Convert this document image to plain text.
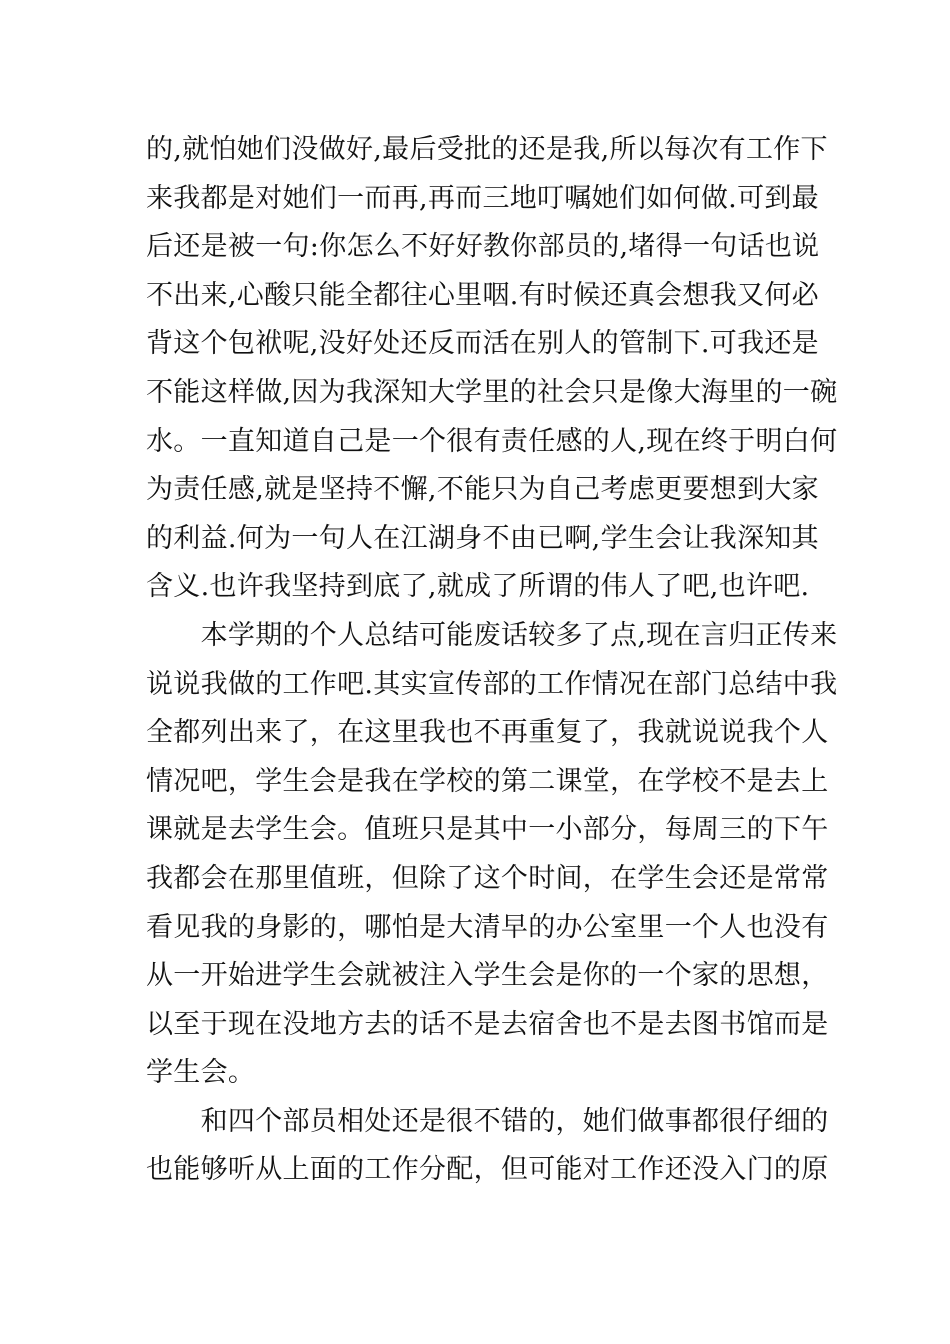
的,就怕她们没做好,最后受批的还是我,所以每次有工作下
来我都是对她们一而再,再而三地叮嘱她们如何做.可到最
后还是被一句:你怎么不好好教你部员的,堵得一句话也说
不出来,心酸只能全都往心里咽.有时候还真会想我又何必
背这个包袱呢,没好处还反而活在别人的管制下.可我还是
不能这样做,因为我深知大学里的社会只是像大海里的一碗
水。一直知道自己是一个很有责任感的人,现在终于明白何
为责任感,就是坚持不懈,不能只为自己考虑更要想到大家
的利益.何为一句人在江湖身不由已啊,学生会让我深知其
含义.也许我坚持到底了,就成了所谓的伟人了吧,也许吧.
　　本学期的个人总结可能废话较多了点,现在言归正传来
说说我做的工作吧.其实宣传部的工作情况在部门总结中我
全都列出来了，在这里我也不再重复了，我就说说我个人
情况吧，学生会是我在学校的第二课堂，在学校不是去上
课就是去学生会。值班只是其中一小部分，每周三的下午
我都会在那里值班，但除了这个时间，在学生会还是常常
看见我的身影的，哪怕是大清早的办公室里一个人也没有
从一开始进学生会就被注入学生会是你的一个家的思想，
以至于现在没地方去的话不是去宿舍也不是去图书馆而是
学生会。
　　和四个部员相处还是很不错的，她们做事都很仔细的
也能够听从上面的工作分配，但可能对工作还没入门的原
